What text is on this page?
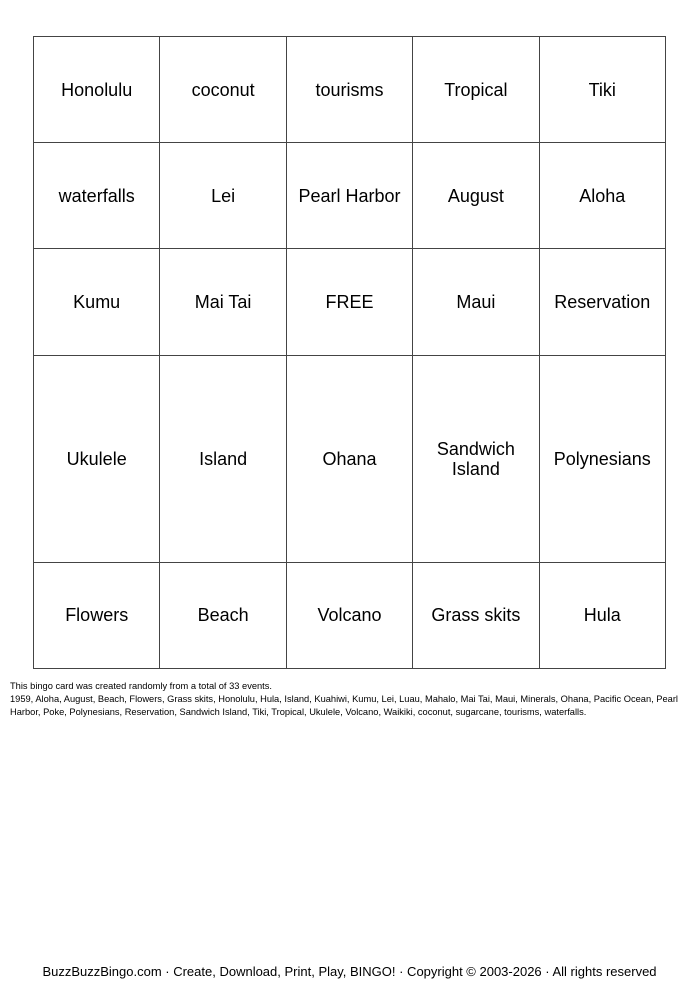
Honolulu	coconut	tourisms	Tropical	Tiki
waterfalls	Lei	Pearl Harbor	August	Aloha
Kumu	Mai Tai	FREE	Maui	Reservation
Ukulele	Island	Ohana	Sandwich Island	Polynesians
Flowers	Beach	Volcano	Grass skits	Hula
This bingo card was created randomly from a total of 33 events.
1959, Aloha, August, Beach, Flowers, Grass skits, Honolulu, Hula, Island, Kuahiwi, Kumu, Lei, Luau, Mahalo, Mai Tai, Maui, Minerals, Ohana, Pacific Ocean, Pearl Harbor, Poke, Polynesians, Reservation, Sandwich Island, Tiki, Tropical, Ukulele, Volcano, Waikiki, coconut, sugarcane, tourisms, waterfalls.
BuzzBuzzBingo.com · Create, Download, Print, Play, BINGO! · Copyright © 2003-2026 · All rights reserved
